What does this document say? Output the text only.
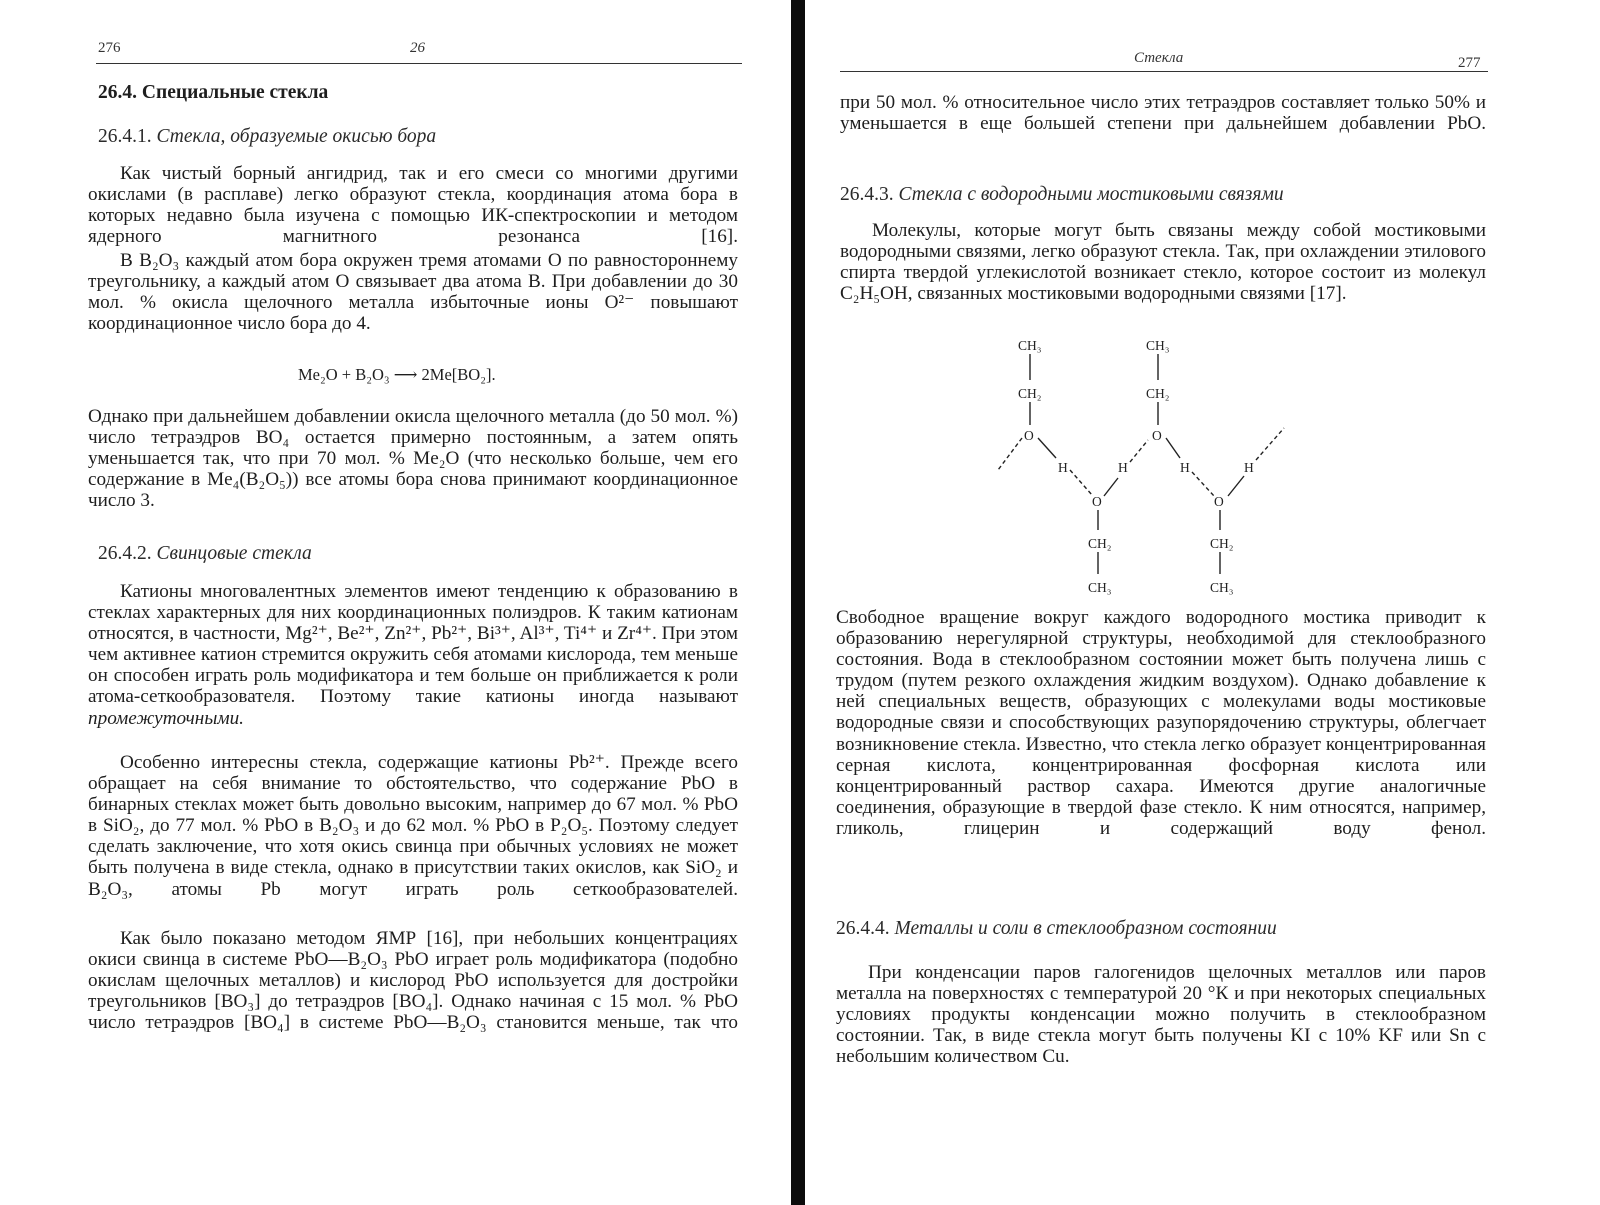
276	26
26.4. Специальные стекла
26.4.1. Стекла, образуемые окисью бора
Как чистый борный ангидрид, так и его смеси со многими другими окислами (в расплаве) легко образуют стекла, координация атома бора в которых недавно была изучена с помощью ИК-спектроскопии и методом ядерного магнитного резонанса [16].
В B₂O₃ каждый атом бора окружен тремя атомами O по равностороннему треугольнику, а каждый атом O связывает два атома B. При добавлении до 30 мол. % окисла щелочного металла избыточные ионы O²⁻ повышают координационное число бора до 4.
Me₂O + B₂O₃ ⟶ 2Me[BO₂].
Однако при дальнейшем добавлении окисла щелочного металла (до 50 мол. %) число тетраэдров BO₄ остается примерно постоянным, а затем опять уменьшается так, что при 70 мол. % Me₂O (что несколько больше, чем его содержание в Me₄(B₂O₅)) все атомы бора снова принимают координационное число 3.
26.4.2. Свинцовые стекла
Катионы многовалентных элементов имеют тенденцию к образованию в стеклах характерных для них координационных полиэдров. К таким катионам относятся, в частности, Mg²⁺, Be²⁺, Zn²⁺, Pb²⁺, Bi³⁺, Al³⁺, Ti⁴⁺ и Zr⁴⁺. При этом чем активнее катион стремится окружить себя атомами кислорода, тем меньше он способен играть роль модификатора и тем больше он приближается к роли атома-сеткообразователя. Поэтому такие катионы иногда называют промежуточными.
Особенно интересны стекла, содержащие катионы Pb²⁺. Прежде всего обращает на себя внимание то обстоятельство, что содержание PbO в бинарных стеклах может быть довольно высоким, например до 67 мол. % PbO в SiO₂, до 77 мол. % PbO в B₂O₃ и до 62 мол. % PbO в P₂O₅. Поэтому следует сделать заключение, что хотя окись свинца при обычных условиях не может быть получена в виде стекла, однако в присутствии таких окислов, как SiO₂ и B₂O₃, атомы Pb могут играть роль сеткообразователей.
Как было показано методом ЯМР [16], при небольших концентрациях окиси свинца в системе PbO—B₂O₃ PbO играет роль модификатора (подобно окислам щелочных металлов) и кислород PbO используется для достройки треугольников [BO₃] до тетраэдров [BO₄]. Однако начиная с 15 мол. % PbO число тетраэдров [BO₄] в системе PbO—B₂O₃ становится меньше, так что
Стекла	277
при 50 мол. % относительное число этих тетраэдров составляет только 50% и уменьшается в еще большей степени при дальнейшем добавлении PbO.
26.4.3. Стекла с водородными мостиковыми связями
Молекулы, которые могут быть связаны между собой мостиковыми водородными связями, легко образуют стекла. Так, при охлаждении этилового спирта твердой углекислотой возникает стекло, которое состоит из молекул C₂H₅OH, связанных мостиковыми водородными связями [17].
CH₃
CH₂
O
H
O
CH₂
CH₃
H
CH₃
CH₂
O
H
O
CH₂
CH₃
H
Свободное вращение вокруг каждого водородного мостика приводит к образованию нерегулярной структуры, необходимой для стеклообразного состояния. Вода в стеклообразном состоянии может быть получена лишь с трудом (путем резкого охлаждения жидким воздухом). Однако добавление к ней специальных веществ, образующих с молекулами воды мостиковые водородные связи и способствующих разупорядочению структуры, облегчает возникновение стекла. Известно, что стекла легко образует концентрированная серная кислота, концентрированная фосфорная кислота или концентрированный раствор сахара. Имеются другие аналогичные соединения, образующие в твердой фазе стекло. К ним относятся, например, гликоль, глицерин и содержащий воду фенол.
26.4.4. Металлы и соли в стеклообразном состоянии
При конденсации паров галогенидов щелочных металлов или паров металла на поверхностях с температурой 20 °К и при некоторых специальных условиях продукты конденсации можно получить в стеклообразном состоянии. Так, в виде стекла могут быть получены KI с 10% KF или Sn с небольшим количеством Cu.
